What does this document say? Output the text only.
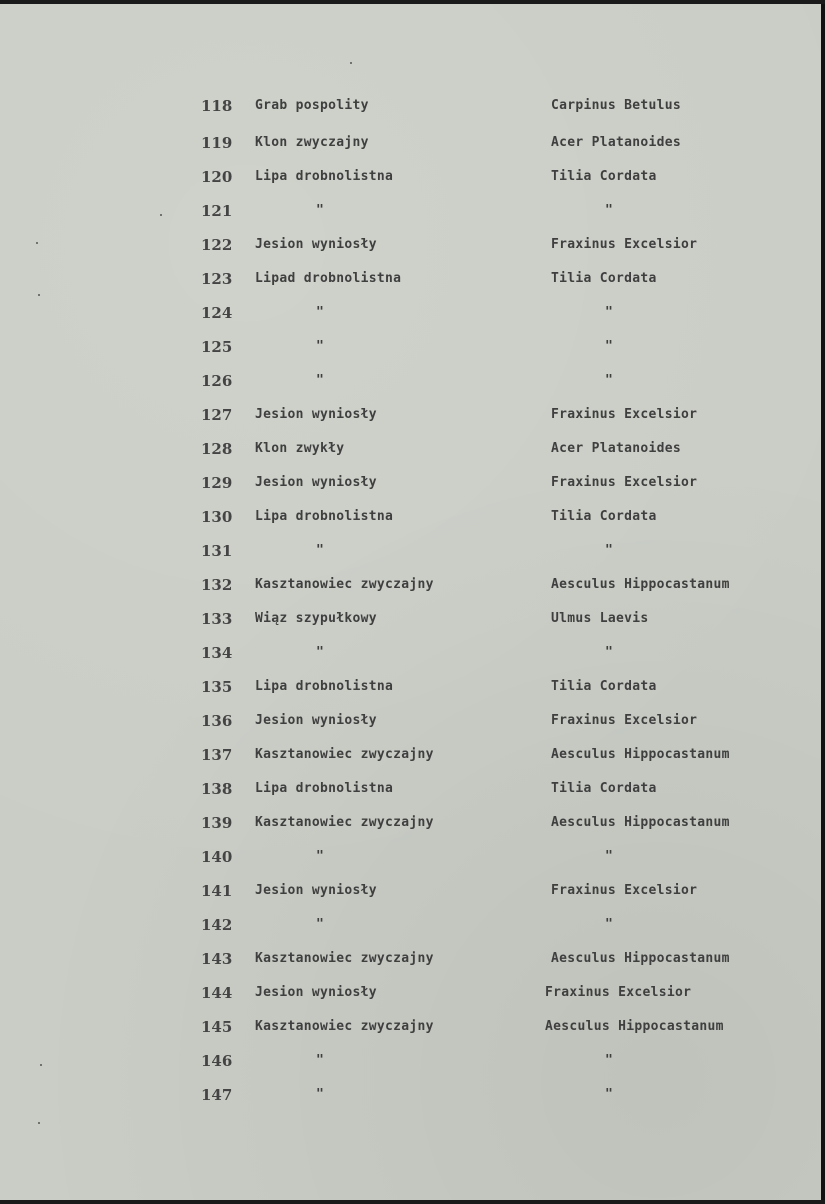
118 Grab pospolity	Carpinus Betulus
119 Klon zwyczajny	Acer Platanoides
120 Lipa drobnolistna	Tilia Cordata
121	"	"
122 Jesion wyniosły	Fraxinus Excelsior
123 Lipad drobnolistna	Tilia Cordata
124	"	"
125	"	"
126	"	"
127 Jesion wyniosły	Fraxinus Excelsior
128 Klon zwykły	Acer Platanoides
129 Jesion wyniosły	Fraxinus Excelsior
130 Lipa drobnolistna	Tilia Cordata
131	"	"
132 Kasztanowiec zwyczajny	Aesculus Hippocastanum
133 Wiąz szypułkowy	Ulmus Laevis
134	"	"
135 Lipa drobnolistna	Tilia Cordata
136 Jesion wyniosły	Fraxinus Excelsior
137 Kasztanowiec zwyczajny	Aesculus Hippocastanum
138 Lipa drobnolistna	Tilia Cordata
139 Kasztanowiec zwyczajny	Aesculus Hippocastanum
140	"	"
141 Jesion wyniosły	Fraxinus Excelsior
142	"	"
143 Kasztanowiec zwyczajny	Aesculus Hippocastanum
144 Jesion wyniosły	Fraxinus Excelsior
145 Kasztanowiec zwyczajny	Aesculus Hippocastanum
146	"	"
147	"	"
